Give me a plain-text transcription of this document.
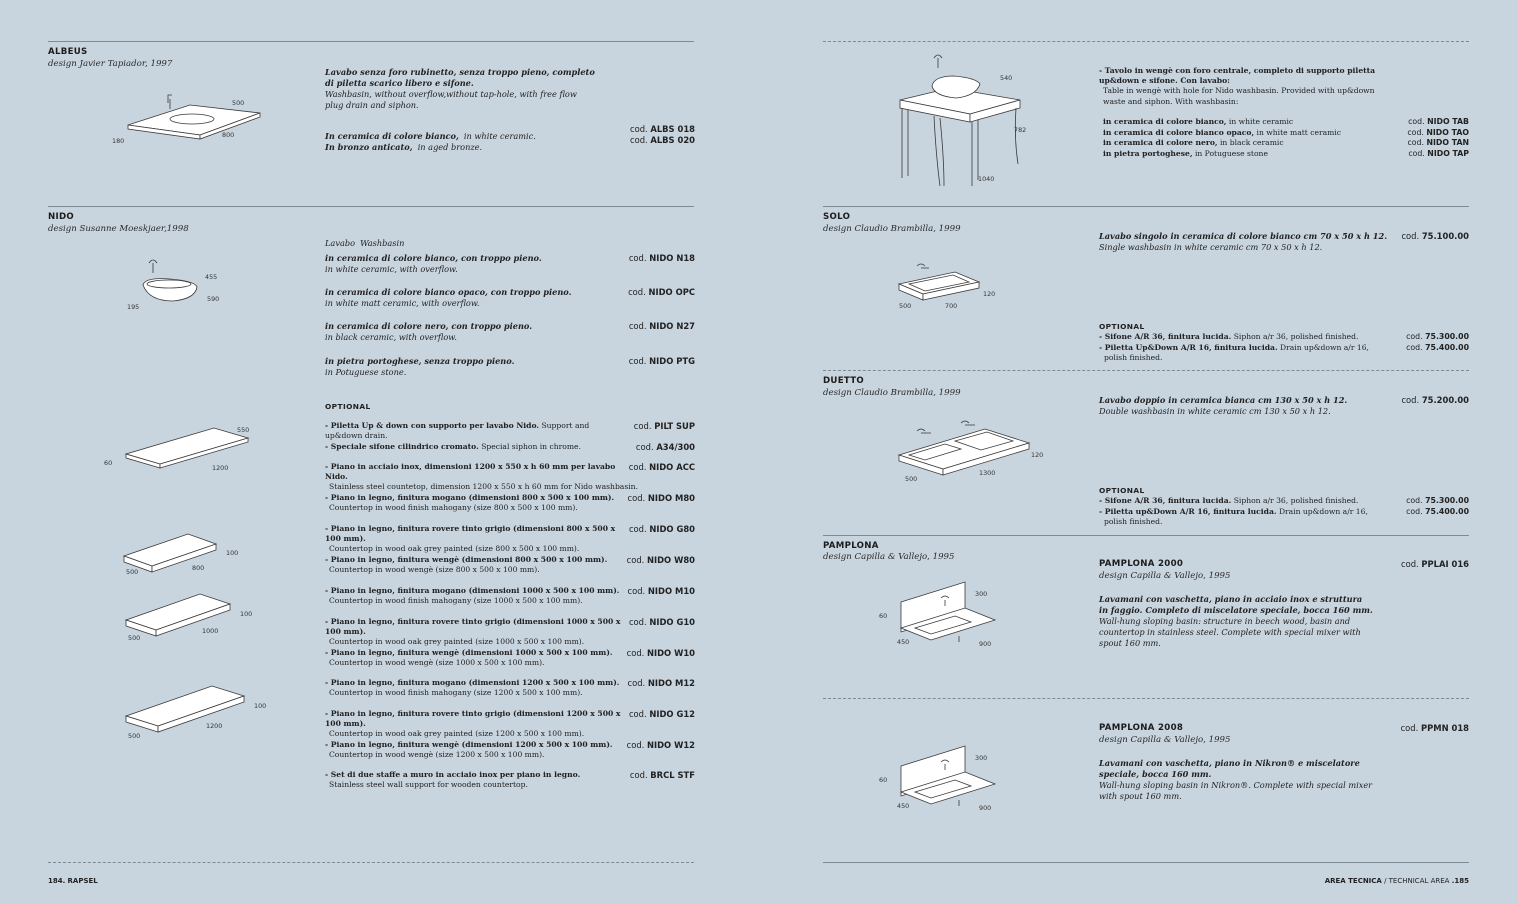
ALBEUS
design Javier Tapiador, 1997
500
800
180
Lavabo senza foro rubinetto, senza troppo pieno, completo di piletta scarico libero e sifone.
Washbasin, without overflow,without tap-hole, with free flow plug drain and siphon.
In ceramica di colore bianco, in white ceramic.
cod. ALBS 018
In bronzo anticato, in aged bronze.
cod. ALBS 020
NIDO
design Susanne Moeskjaer,1998
455
590
195
Lavabo Washbasin
in ceramica di colore bianco, con troppo pieno.
in white ceramic, with overflow.
cod. NIDO N18
in ceramica di colore bianco opaco, con troppo pieno.
in white matt ceramic, with overflow.
cod. NIDO OPC
in ceramica di colore nero, con troppo pieno.
in black ceramic, with overflow.
cod. NIDO N27
in pietra portoghese, senza troppo pieno.
in Potuguese stone.
cod. NIDO PTG
OPTIONAL
- Piletta Up & down con supporto per lavabo Nido. Support and up&down drain.
cod. PILT SUP
- Speciale sifone cilindrico cromato. Special siphon in chrome.	cod. A34/300
- Piano in acciaio inox, dimensioni 1200 x 550 x h 60 mm per lavabo Nido.
Stainless steel countetop, dimension 1200 x 550 x h 60 mm for Nido washbasin.
cod. NIDO ACC
- Piano in legno, finitura mogano (dimensioni 800 x 500 x 100 mm).
Countertop in wood finish mahogany (size 800 x 500 x 100 mm).
cod. NIDO M80
- Piano in legno, finitura rovere tinto grigio (dimensioni 800 x 500 x 100 mm).
Countertop in wood oak grey painted (size 800 x 500 x 100 mm).
cod. NIDO G80
- Piano in legno, finitura wengè (dimensioni 800 x 500 x 100 mm).
Countertop in wood wengè (size 800 x 500 x 100 mm).
cod. NIDO W80
- Piano in legno, finitura mogano (dimensioni 1000 x 500 x 100 mm).
Countertop in wood finish mahogany (size 1000 x 500 x 100 mm).
cod. NIDO M10
- Piano in legno, finitura rovere tinto grigio (dimensioni 1000 x 500 x 100 mm).
Countertop in wood oak grey painted (size 1000 x 500 x 100 mm).
cod. NIDO G10
- Piano in legno, finitura wengè (dimensioni 1000 x 500 x 100 mm).
Countertop in wood wengè (size 1000 x 500 x 100 mm).
cod. NIDO W10
- Piano in legno, finitura mogano (dimensioni 1200 x 500 x 100 mm).
Countertop in wood finish mahogany (size 1200 x 500 x 100 mm).
cod. NIDO M12
- Piano in legno, finitura rovere tinto grigio (dimensioni 1200 x 500 x 100 mm).
Countertop in wood oak grey painted (size 1200 x 500 x 100 mm).
cod. NIDO G12
- Piano in legno, finitura wengè (dimensioni 1200 x 500 x 100 mm).
Countertop in wood wengè (size 1200 x 500 x 100 mm).
cod. NIDO W12
- Set di due staffe a muro in acciaio inox per piano in legno.
Stainless steel wall support for wooden countertop.
cod. BRCL STF
550
1200
60
100
800
500
100
1000
500
100
1200
500
184. RAPSEL
540
782
1040
- Tavolo in wengè con foro centrale, completo di supporto piletta up&down e sifone. Con lavabo:
Table in wengè with hole for Nido washbasin. Provided with up&down waste and siphon. With washbasin:
in ceramica di colore bianco, in white ceramic	cod. NIDO TAB
in ceramica di colore bianco opaco, in white matt ceramic	cod. NIDO TAO
in ceramica di colore nero, in black ceramic	cod. NIDO TAN
in pietra portoghese, in Potuguese stone	cod. NIDO TAP
SOLO
design Claudio Brambilla, 1999
120
700
500
Lavabo singolo in ceramica di colore bianco cm 70 x 50 x h 12.
Single washbasin in white ceramic cm 70 x 50 x h 12.
cod. 75.100.00
OPTIONAL
- Sifone A/R 36, finitura lucida. Siphon a/r 36, polished finished.	cod. 75.300.00
- Piletta Up&Down A/R 16, finitura lucida. Drain up&down a/r 16,
polish finished.
cod. 75.400.00
DUETTO
design Claudio Brambilla, 1999
120
1300
500
Lavabo doppio in ceramica bianca cm 130 x 50 x h 12.
Double washbasin in white ceramic cm 130 x 50 x h 12.
cod. 75.200.00
OPTIONAL
- Sifone A/R 36, finitura lucida. Siphon a/r 36, polished finished.	cod. 75.300.00
- Piletta up&Down A/R 16, finitura lucida. Drain up&down a/r 16,
polish finished.
cod. 75.400.00
PAMPLONA
design Capilla & Vallejo, 1995
300
60
450	900
PAMPLONA 2000
design Capilla & Vallejo, 1995
cod. PPLAI 016
Lavamani con vaschetta, piano in acciaio inox e struttura in faggio. Completo di miscelatore speciale, bocca 160 mm.
Wall-hung sloping basin: structure in beech wood, basin and countertop in stainless steel. Complete with special mixer with spout 160 mm.
300
60
450	900
PAMPLONA 2008
design Capilla & Vallejo, 1995
cod. PPMN 018
Lavamani con vaschetta, piano in Nikron® e miscelatore speciale, bocca 160 mm.
Wall-hung sloping basin in Nikron®. Complete with special mixer with spout 160 mm.
AREA TECNICA / TECHNICAL AREA .185
